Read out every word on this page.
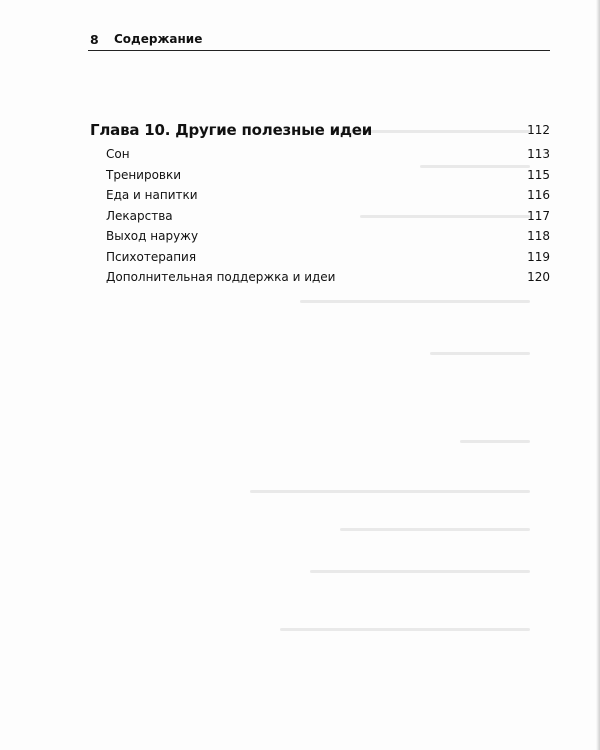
8 Содержание
Глава 10. Другие полезные идеи	112
Сон	113
Тренировки	115
Еда и напитки	116
Лекарства	117
Выход наружу	118
Психотерапия	119
Дополнительная поддержка и идеи	120
